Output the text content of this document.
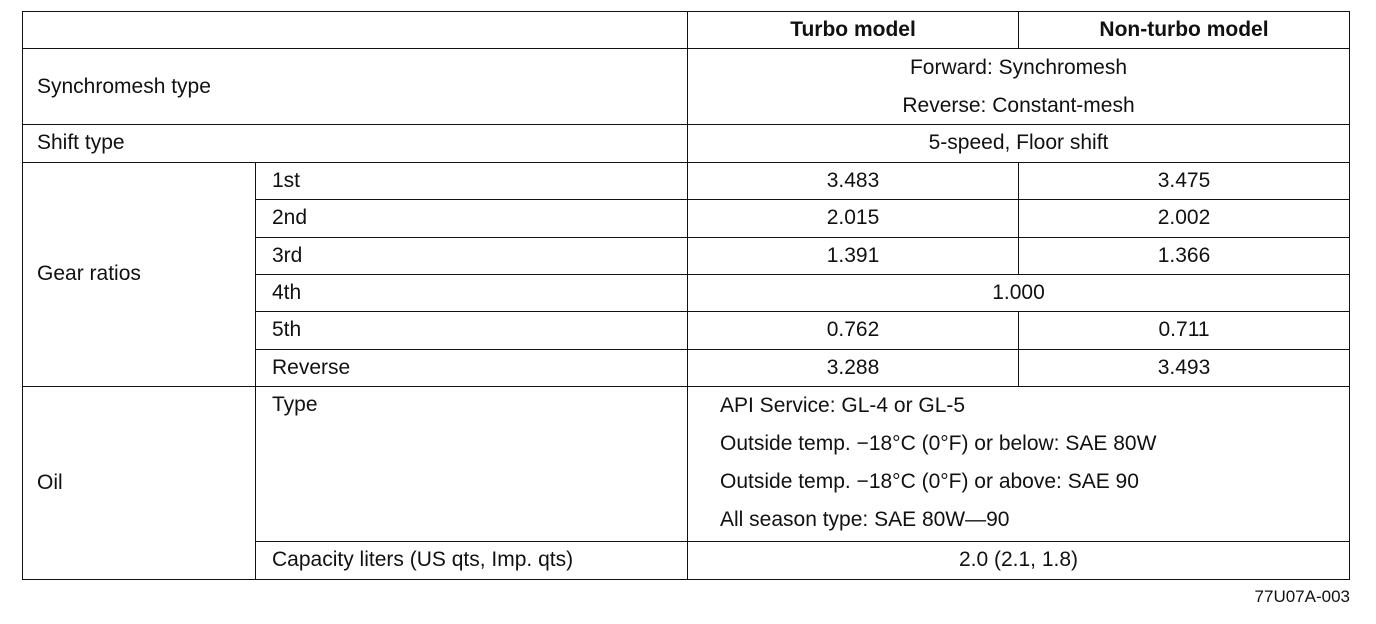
		Turbo model	Non-turbo model
Synchromesh type		Forward: Synchromesh
Reverse: Constant-mesh	

Shift type		5-speed, Floor shift	
Gear ratios	1st	3.483	3.475
	2nd	2.015	2.002
	3rd	1.391	1.366
	4th	1.000	
	5th	0.762	0.711
	Reverse	3.288	3.493
Oil	Type	API Service: GL-4 or GL-5
Outside temp. −18°C (0°F) or below: SAE 80W
Outside temp. −18°C (0°F) or above: SAE 90
All season type: SAE 80W—90	

	Capacity liters (US qts, Imp. qts)	2.0 (2.1, 1.8)	
77U07A-003
